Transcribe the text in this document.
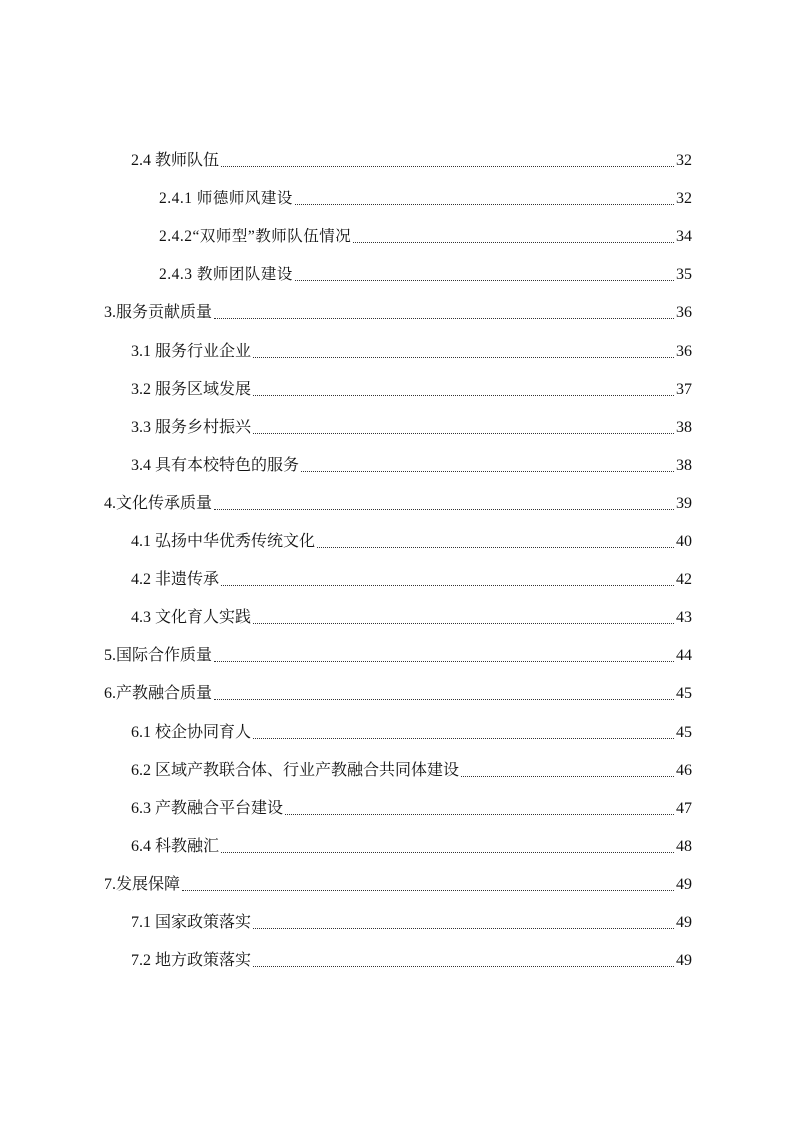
2.4 教师队伍	32
2.4.1 师德师风建设	32
2.4.2“双师型”教师队伍情况	34
2.4.3 教师团队建设	35
3.服务贡献质量	36
3.1 服务行业企业	36
3.2 服务区域发展	37
3.3 服务乡村振兴	38
3.4 具有本校特色的服务	38
4.文化传承质量	39
4.1 弘扬中华优秀传统文化	40
4.2 非遗传承	42
4.3 文化育人实践	43
5.国际合作质量	44
6.产教融合质量	45
6.1 校企协同育人	45
6.2 区域产教联合体、行业产教融合共同体建设	46
6.3 产教融合平台建设	47
6.4 科教融汇	48
7.发展保障	49
7.1 国家政策落实	49
7.2 地方政策落实	49
